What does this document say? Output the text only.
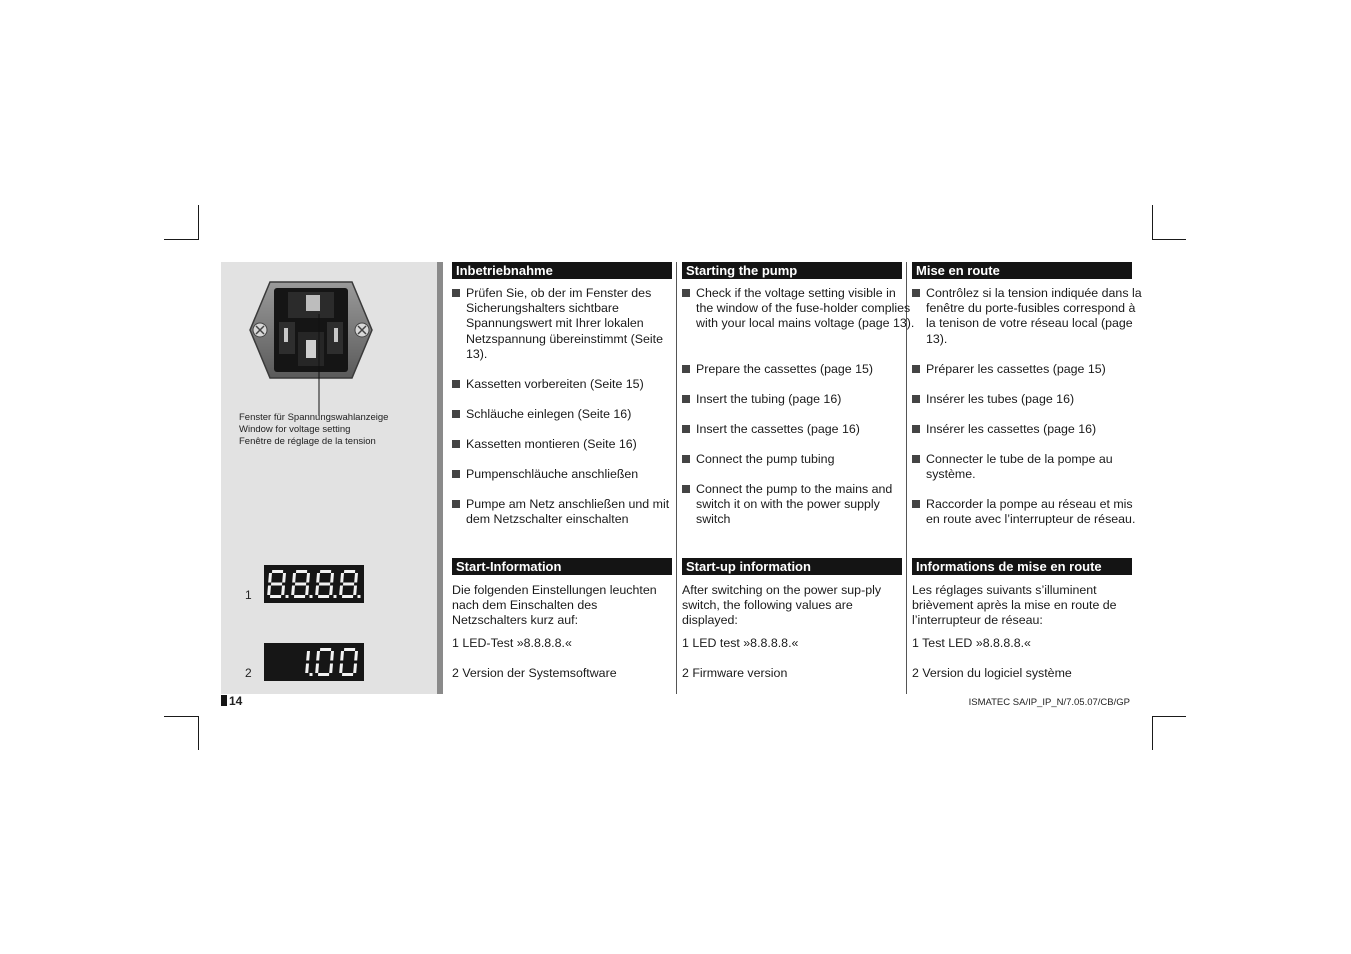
Fenster für Spannungswahlanzeige
Window for voltage setting
Fenêtre de réglage de la tension
1
2
Inbetriebnahme
Prüfen Sie, ob der im Fenster des Sicherungshalters sichtbare Spannungswert mit Ihrer lokalen Netzspannung übereinstimmt (Seite 13).
Kassetten vorbereiten (Seite 15)
Schläuche einlegen (Seite 16)
Kassetten montieren (Seite 16)
Pumpenschläuche anschließen
Pumpe am Netz anschließen und mit dem Netzschalter einschalten
Start-Information
Die folgenden Einstellungen leuchten nach dem Einschalten des Netzschalters kurz auf:
1 LED-Test »8.8.8.8.«
2 Version der Systemsoftware
Starting the pump
Check if the voltage setting visible in the window of the fuse-holder complies with your local mains voltage (page 13).
Prepare the cassettes (page 15)
Insert the tubing (page 16)
Insert the cassettes (page 16)
Connect the pump tubing
Connect the pump to the mains and switch it on with the power supply switch
Start-up information
After switching on the power sup-ply switch, the following values are displayed:
1 LED test »8.8.8.8.«
2 Firmware version
Mise en route
Contrôlez si la tension indiquée dans la fenêtre du porte-fusibles correspond à la tenison de votre réseau local (page 13).
Préparer les cassettes (page 15)
Insérer les tubes (page 16)
Insérer les cassettes (page 16)
Connecter le tube de la pompe au système.
Raccorder la pompe au réseau et mis en route avec l’interrupteur de réseau.
Informations de mise en route
Les réglages suivants s’illuminent brièvement après la mise en route de l’interrupteur de réseau:
1 Test LED »8.8.8.8.«
2 Version du logiciel système
14	ISMATEC SA/IP_IP_N/7.05.07/CB/GP
